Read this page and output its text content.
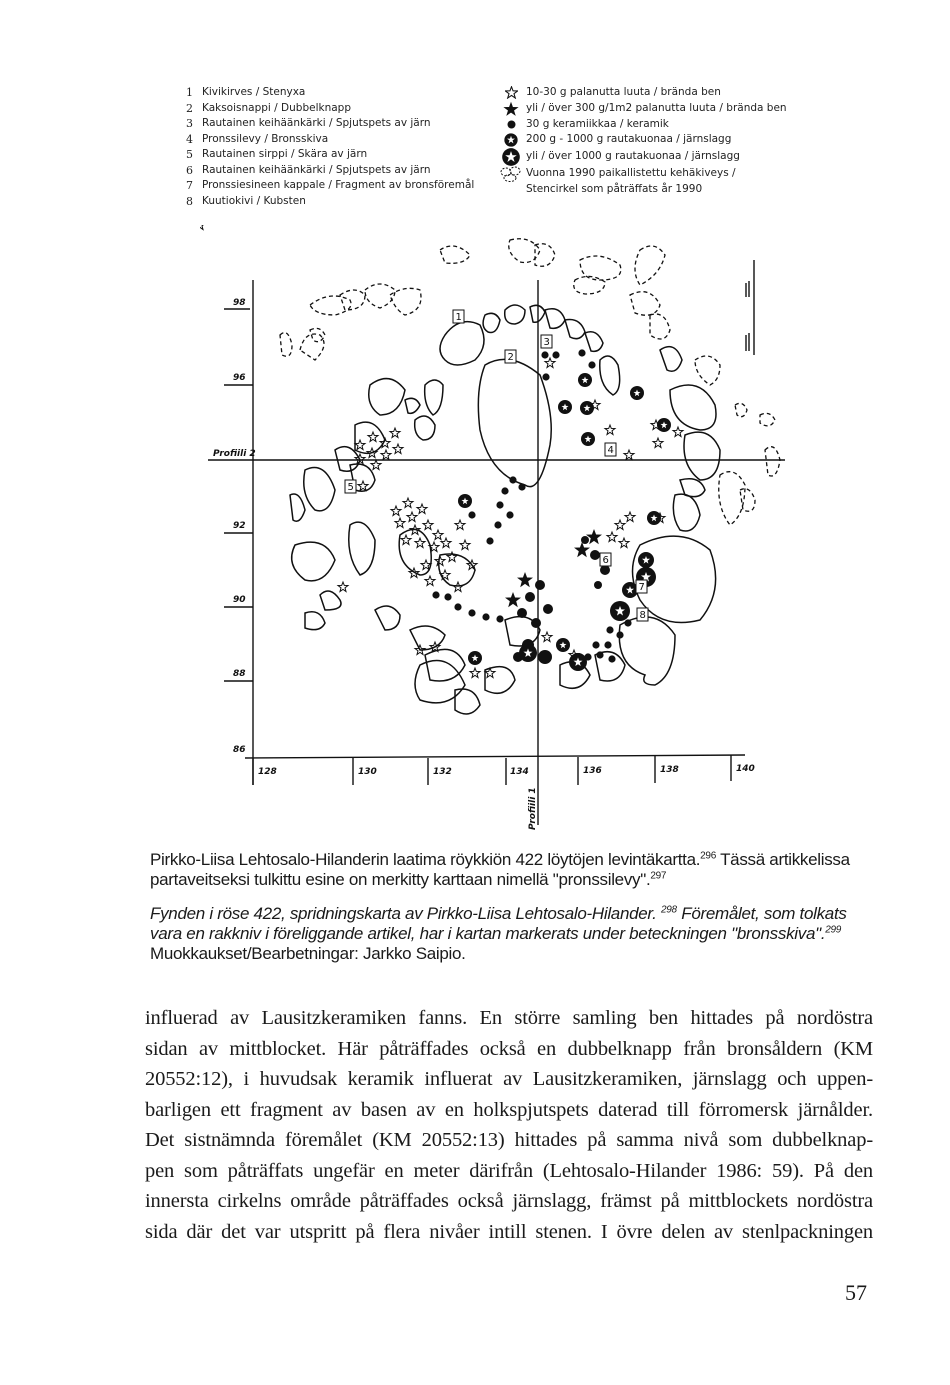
1 Kivikirves / Stenyxa
2 Kaksoisnappi / Dubbelknapp
3 Rautainen keihäänkärki / Spjutspets av järn
4 Pronssilevy / Bronsskiva
5 Rautainen sirppi / Skära av järn
6 Rautainen keihäänkärki / Spjutspets av järn
7 Pronssiesineen kappale / Fragment av bronsföremål
8 Kuutiokivi / Kubsten
10-30 g palanutta luuta / brända ben
yli / över 300 g/1m2 palanutta luuta / brända ben
30 g keramiikkaa / keramik
200 g - 1000 g rautakuonaa / järnslagg
yli / över 1000 g rautakuonaa / järnslagg
Vuonna 1990 paikallistettu kehäkiveys /
Stencirkel som påträffats år 1990
1
2
3
4
5
6
7
8
98
96
92
90
88
86
128	130	132	134	136	138	140
Profiili 2
Profiili 1

Pirkko-Liisa Lehtosalo-Hilanderin laatima röykkiön 422 löytöjen levintäkartta.$^{296}$ Tässä artikkelissa partaveitseksi tulkittu esine on merkitty karttaan nimellä "pronssilevy".$^{297}$

Fynden i röse 422, spridningskarta av Pirkko-Liisa Lehtosalo-Hilander. $^{298}$ Föremålet, som tolkats vara en rakkniv i föreliggande artikel, har i kartan markerats under beteckningen "bronsskiva".$^{299}$ Muokkaukset/Bearbetningar: Jarkko Saipio.

influerad av Lausitzkeramiken fanns. En större samling ben hittades på nordöstra
sidan av mittblocket. Här påträffades också en dubbelknapp från bronsåldern (KM
20552:12), i huvudsak keramik influerat av Lausitzkeramiken, järnslagg och uppen-
barligen ett fragment av basen av en holkspjutspets daterad till förromersk järnålder.
Det sistnämnda föremålet (KM 20552:13) hittades på samma nivå som dubbelknap-
pen som påträffats ungefär en meter därifrån (Lehtosalo-Hilander 1986: 59). På den
innersta cirkelns område påträffades också järnslagg, främst på mittblockets nordöstra
sida där det var utspritt på flera nivåer intill stenen. I övre delen av stenlpackningen
57
